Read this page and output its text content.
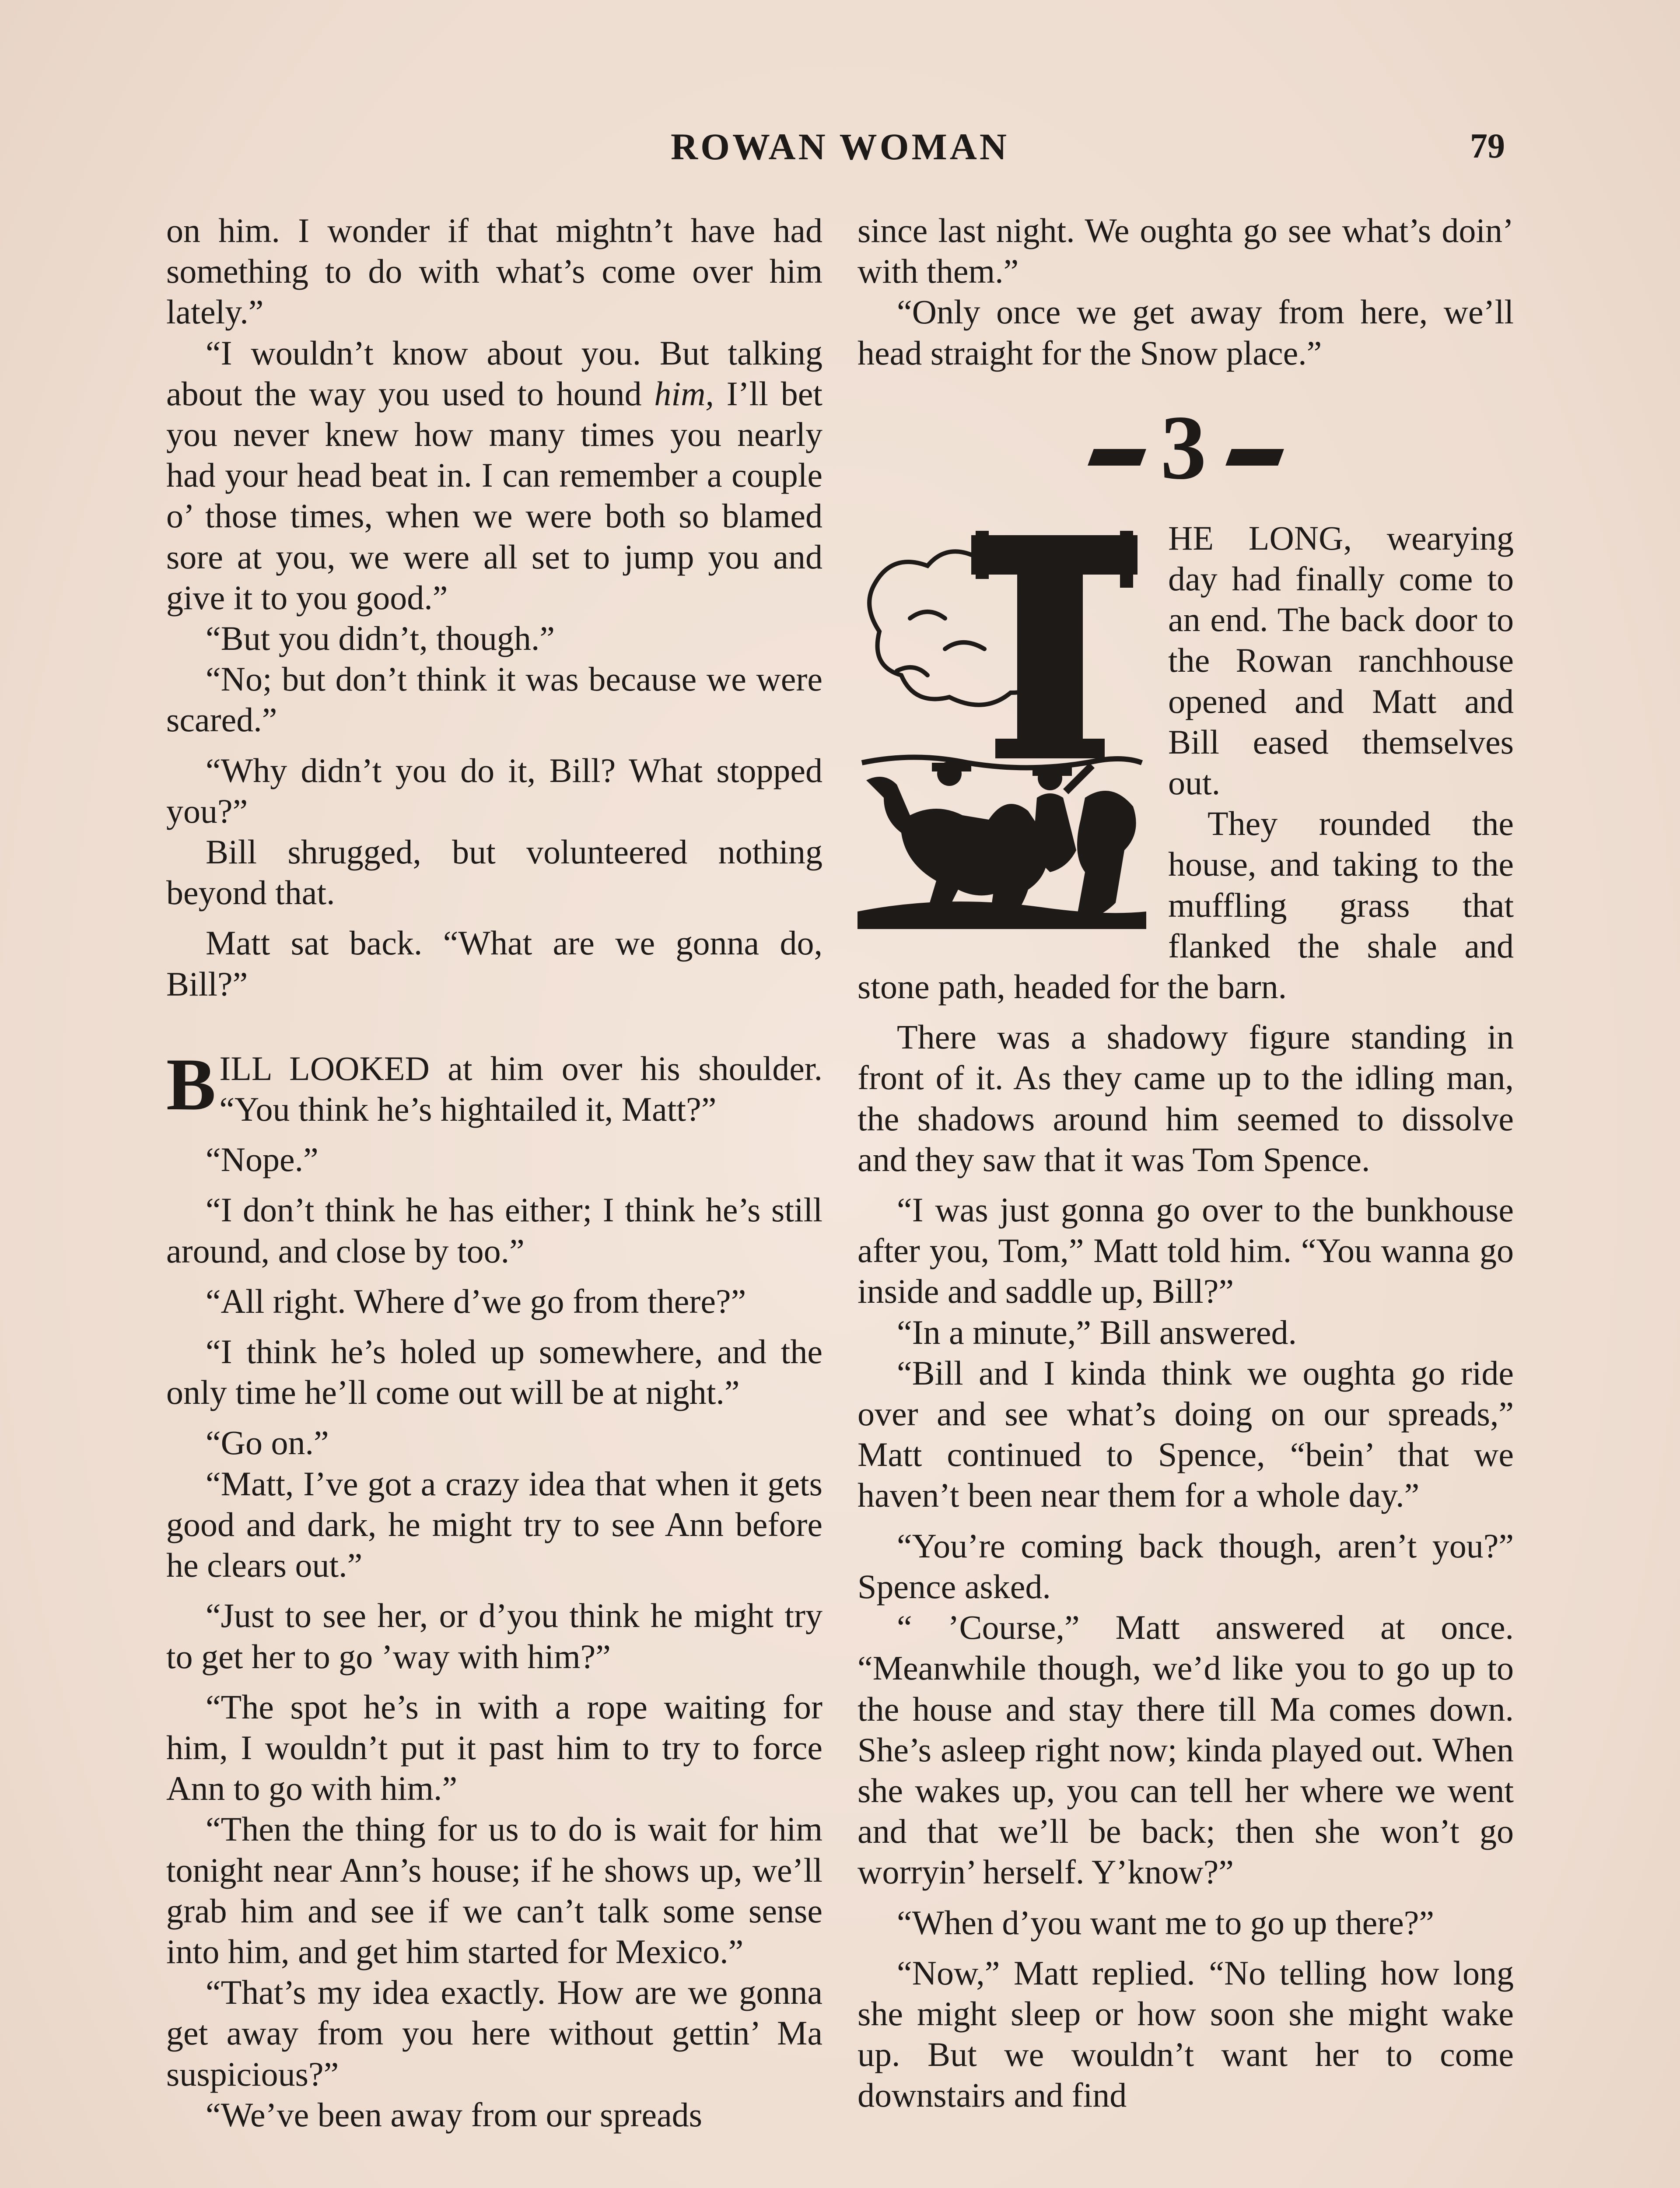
ROWAN WOMAN	79

on him. I wonder if that mightn’t have had something to do with what’s come over him lately.”

“I wouldn’t know about you. But talking about the way you used to hound him, I’ll bet you never knew how many times you nearly had your head beat in. I can remember a couple o’ those times, when we were both so blamed sore at you, we were all set to jump you and give it to you good.”

“But you didn’t, though.”

“No; but don’t think it was because we were scared.”

“Why didn’t you do it, Bill? What stopped you?”

Bill shrugged, but volunteered nothing beyond that.

Matt sat back. “What are we gonna do, Bill?”

BILL LOOKED at him over his shoulder. “You think he’s hightailed it, Matt?”

“Nope.”

“I don’t think he has either; I think he’s still around, and close by too.”

“All right. Where d’we go from there?”

“I think he’s holed up somewhere, and the only time he’ll come out will be at night.”

“Go on.”

“Matt, I’ve got a crazy idea that when it gets good and dark, he might try to see Ann before he clears out.”

“Just to see her, or d’you think he might try to get her to go ’way with him?”

“The spot he’s in with a rope waiting for him, I wouldn’t put it past him to try to force Ann to go with him.”

“Then the thing for us to do is wait for him tonight near Ann’s house; if he shows up, we’ll grab him and see if we can’t talk some sense into him, and get him started for Mexico.”

“That’s my idea exactly. How are we gonna get away from you here without gettin’ Ma suspicious?”

“We’ve been away from our spreads

since last night. We oughta go see what’s doin’ with them.”

“Only once we get away from here, we’ll head straight for the Snow place.”

3

HE LONG, wearying day had finally come to an end. The back door to the Rowan ranchhouse opened and Matt and Bill eased themselves out.

They rounded the house, and taking to the muffling grass that flanked the shale and stone path, headed for the barn.

There was a shadowy figure standing in front of it. As they came up to the idling man, the shadows around him seemed to dissolve and they saw that it was Tom Spence.

“I was just gonna go over to the bunkhouse after you, Tom,” Matt told him. “You wanna go inside and saddle up, Bill?”

“In a minute,” Bill answered.

“Bill and I kinda think we oughta go ride over and see what’s doing on our spreads,” Matt continued to Spence, “bein’ that we haven’t been near them for a whole day.”

“You’re coming back though, aren’t you?” Spence asked.

“ ’Course,” Matt answered at once. “Meanwhile though, we’d like you to go up to the house and stay there till Ma comes down. She’s asleep right now; kinda played out. When she wakes up, you can tell her where we went and that we’ll be back; then she won’t go worryin’ herself. Y’know?”

“When d’you want me to go up there?”

“Now,” Matt replied. “No telling how long she might sleep or how soon she might wake up. But we wouldn’t want her to come downstairs and find
